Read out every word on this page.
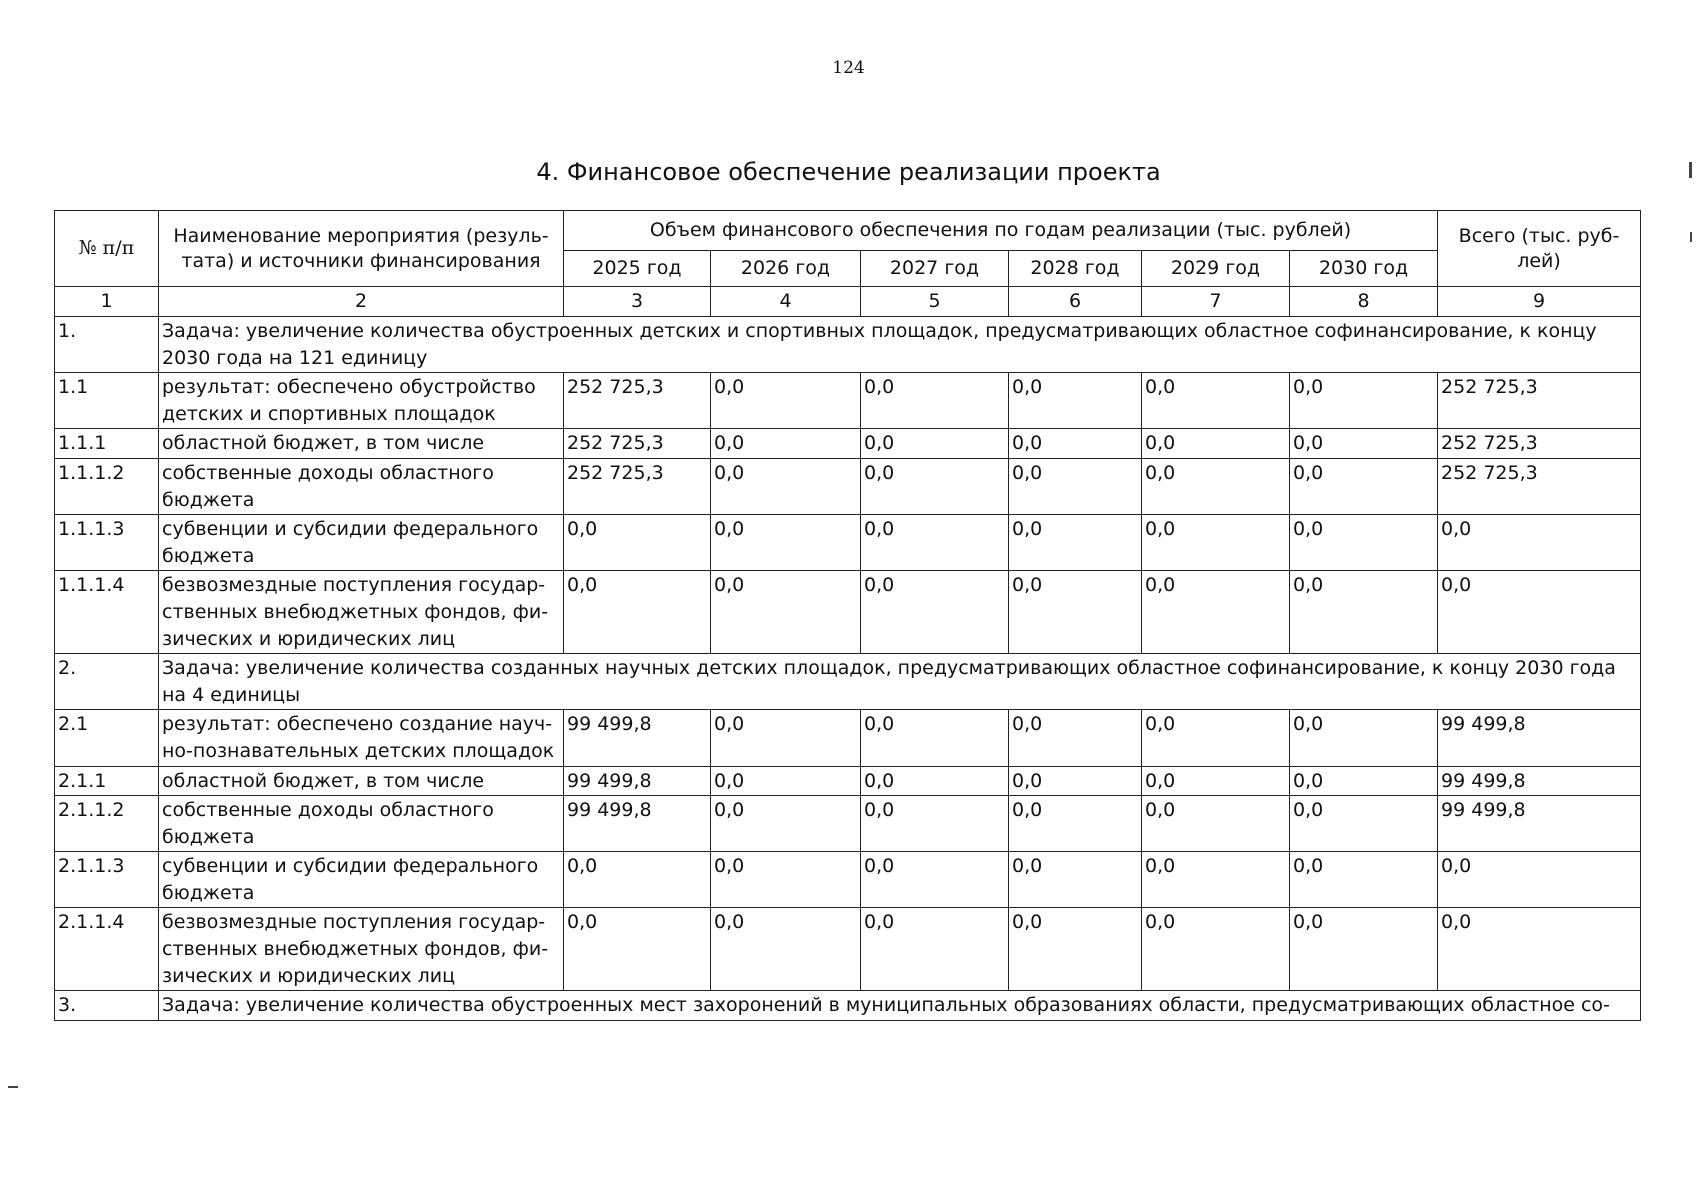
124
4. Финансовое обеспечение реализации проекта
№ п/п	Наименование мероприятия (резуль-тата) и источники финансирования	Объем финансового обеспечения по годам реализации (тыс. рублей)						Всего (тыс. руб-лей)
		2025 год	2026 год	2027 год	2028 год	2029 год	2030 год	
1	2	3	4	5	6	7	8	9
1.	Задача: увеличение количества обустроенных детских и спортивных площадок, предусматривающих областное софинансирование, к концу 2030 года на 121 единицу							
1.1	результат: обеспечено обустройство детских и спортивных площадок	252 725,3	0,0	0,0	0,0	0,0	0,0	252 725,3
1.1.1	областной бюджет, в том числе	252 725,3	0,0	0,0	0,0	0,0	0,0	252 725,3
1.1.1.2	собственные доходы областного бюджета	252 725,3	0,0	0,0	0,0	0,0	0,0	252 725,3
1.1.1.3	субвенции и субсидии федерального бюджета	0,0	0,0	0,0	0,0	0,0	0,0	0,0
1.1.1.4	безвозмездные поступления государ-ственных внебюджетных фондов, фи-зических и юридических лиц	0,0	0,0	0,0	0,0	0,0	0,0	0,0
2.	Задача: увеличение количества созданных научных детских площадок, предусматривающих областное софинансирование, к концу 2030 года на 4 единицы							
2.1	результат: обеспечено создание науч-но-познавательных детских площадок	99 499,8	0,0	0,0	0,0	0,0	0,0	99 499,8
2.1.1	областной бюджет, в том числе	99 499,8	0,0	0,0	0,0	0,0	0,0	99 499,8
2.1.1.2	собственные доходы областного бюджета	99 499,8	0,0	0,0	0,0	0,0	0,0	99 499,8
2.1.1.3	субвенции и субсидии федерального бюджета	0,0	0,0	0,0	0,0	0,0	0,0	0,0
2.1.1.4	безвозмездные поступления государ-ственных внебюджетных фондов, фи-зических и юридических лиц	0,0	0,0	0,0	0,0	0,0	0,0	0,0
3.	Задача: увеличение количества обустроенных мест захоронений в муниципальных образованиях области, предусматривающих областное со-							
